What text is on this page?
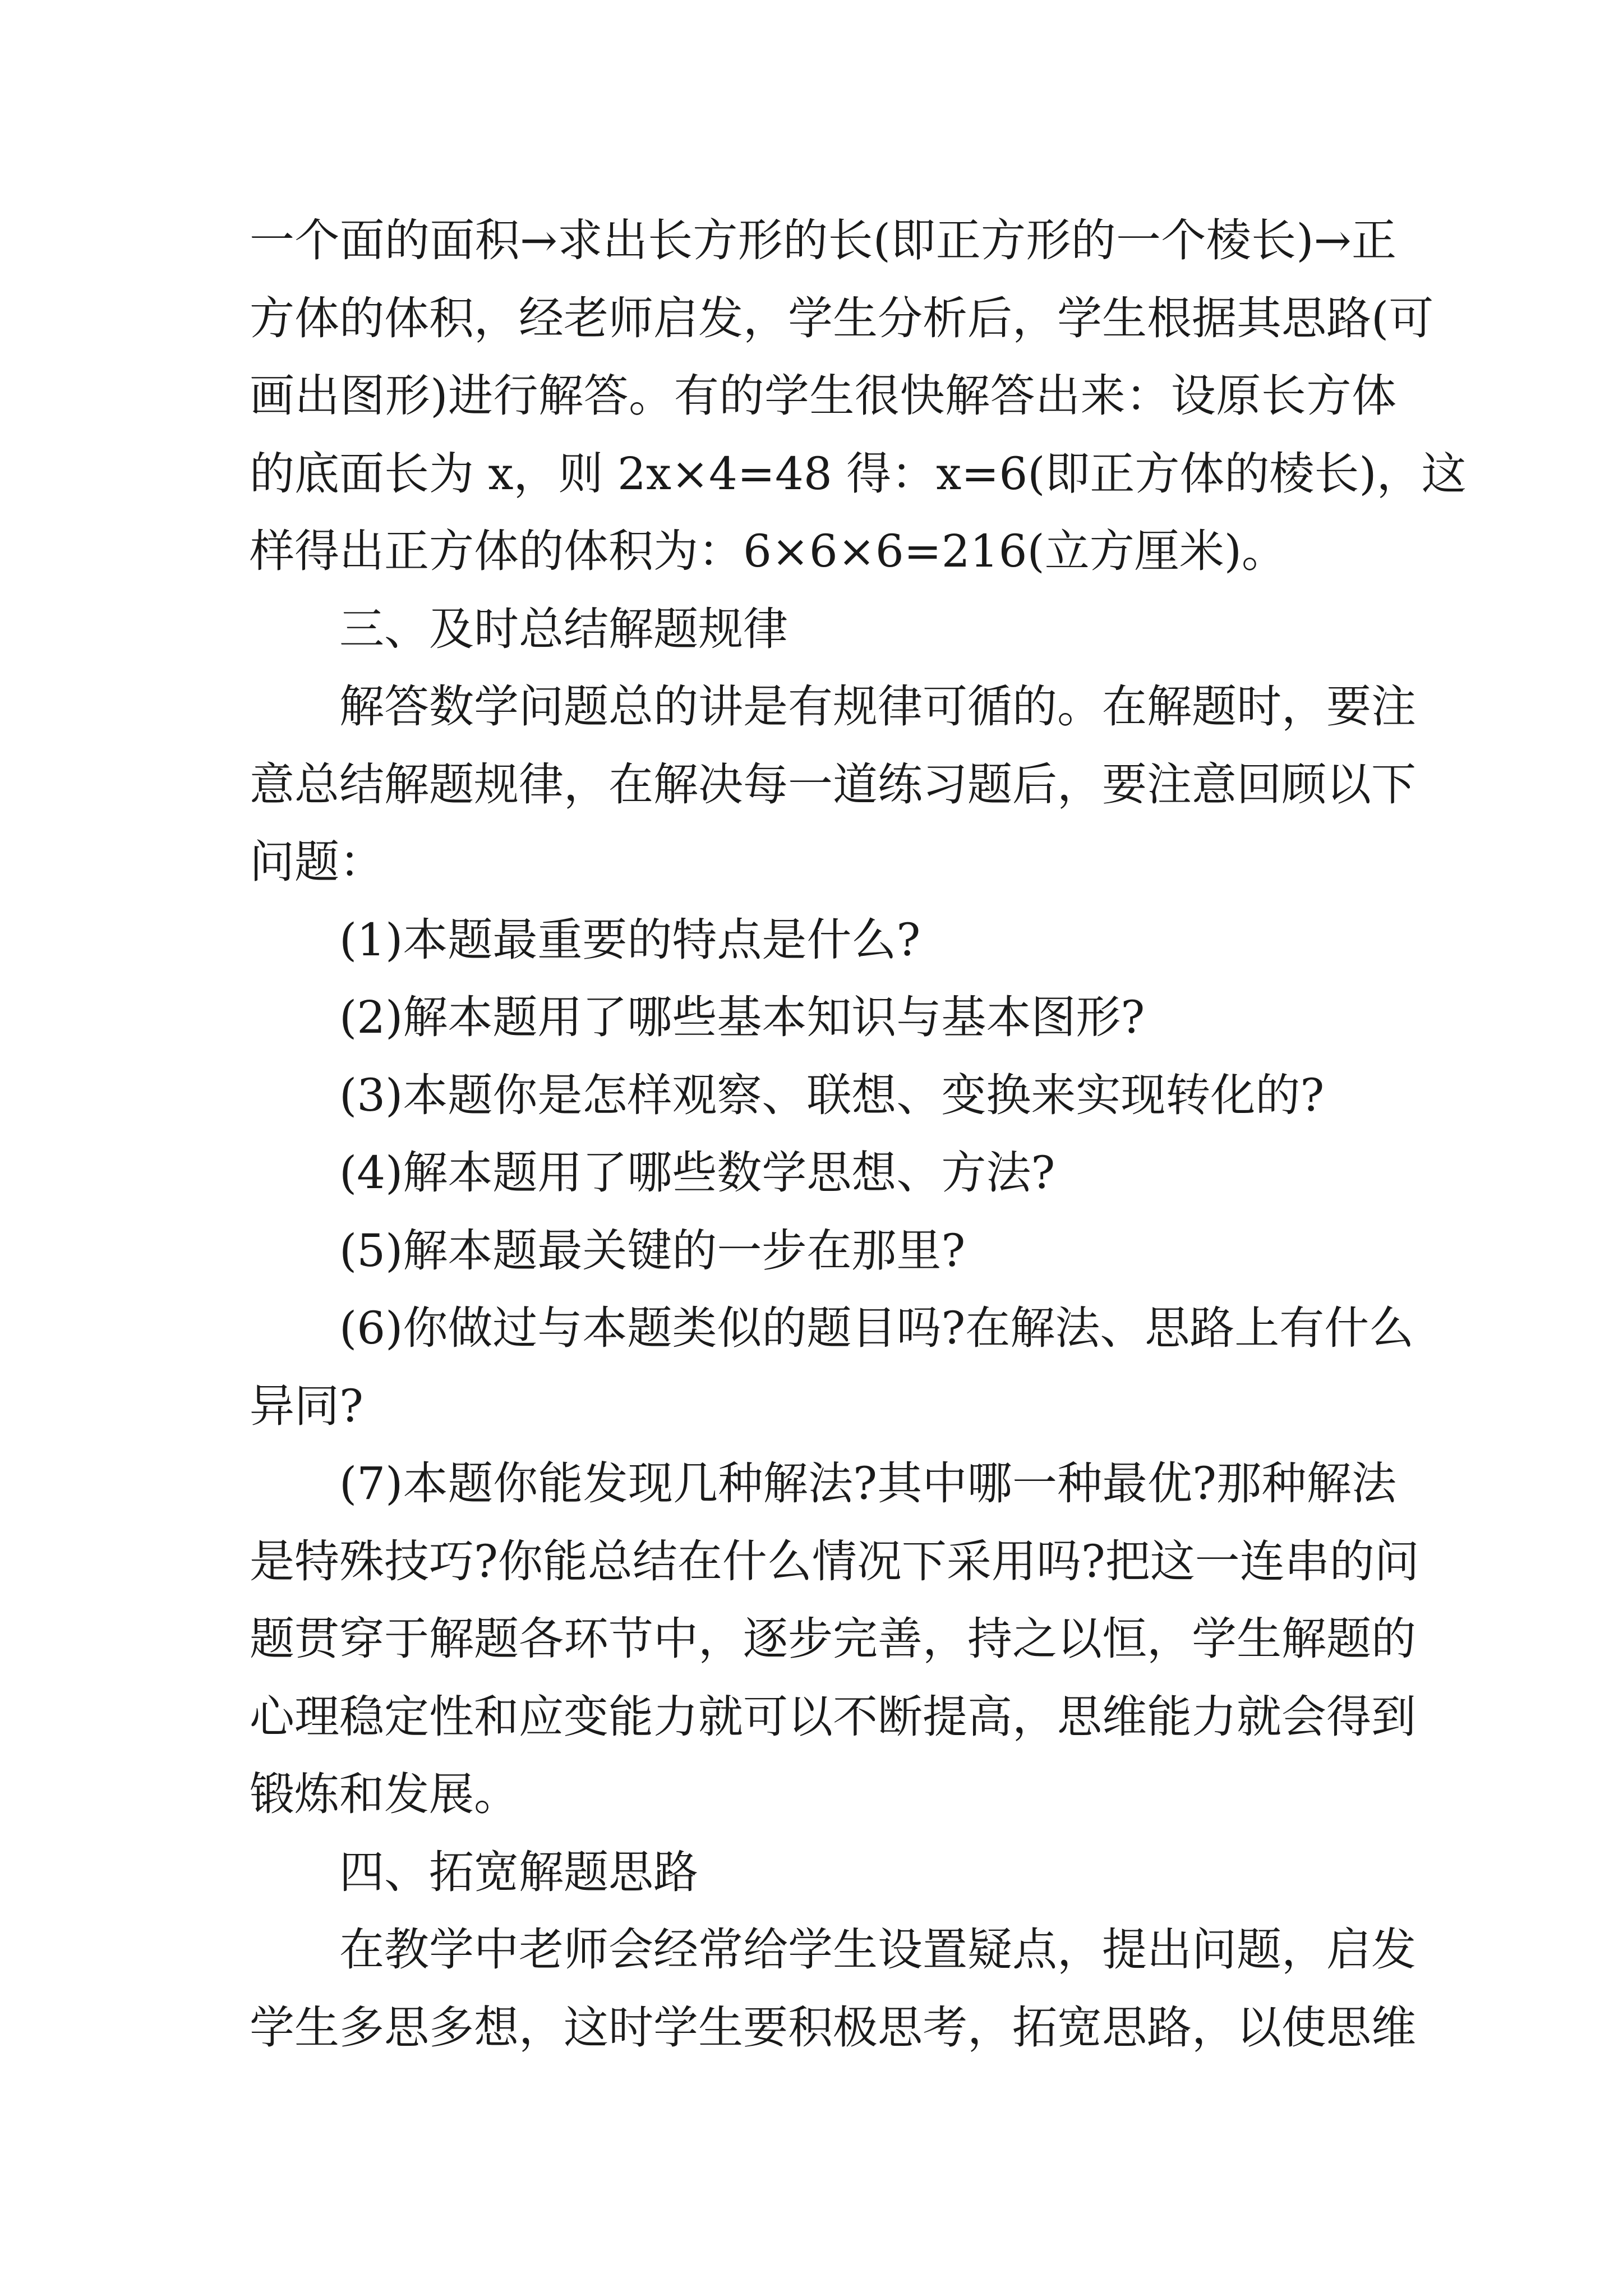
一个面的面积→求出长方形的长(即正方形的一个棱长)→正
方体的体积，经老师启发，学生分析后，学生根据其思路(可
画出图形)进行解答。有的学生很快解答出来：设原长方体
的底面长为 x，则 2x×4=48 得：x=6(即正方体的棱长)，这
样得出正方体的体积为：6×6×6=216(立方厘米)。
三、及时总结解题规律
解答数学问题总的讲是有规律可循的。在解题时，要注
意总结解题规律，在解决每一道练习题后，要注意回顾以下
问题：
(1)本题最重要的特点是什么?
(2)解本题用了哪些基本知识与基本图形?
(3)本题你是怎样观察、联想、变换来实现转化的?
(4)解本题用了哪些数学思想、方法?
(5)解本题最关键的一步在那里?
(6)你做过与本题类似的题目吗?在解法、思路上有什么
异同?
(7)本题你能发现几种解法?其中哪一种最优?那种解法
是特殊技巧?你能总结在什么情况下采用吗?把这一连串的问
题贯穿于解题各环节中，逐步完善，持之以恒，学生解题的
心理稳定性和应变能力就可以不断提高，思维能力就会得到
锻炼和发展。
四、拓宽解题思路
在教学中老师会经常给学生设置疑点，提出问题，启发
学生多思多想，这时学生要积极思考，拓宽思路，以使思维
